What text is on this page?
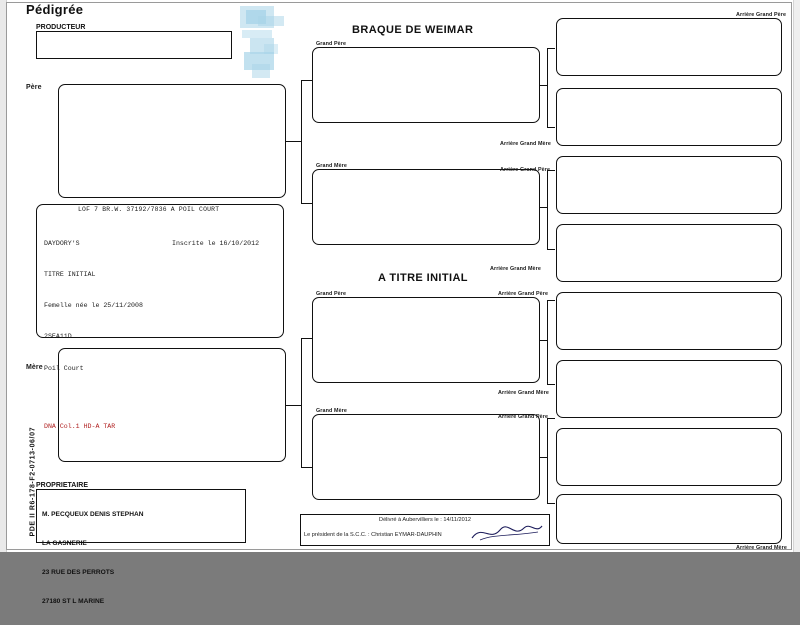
Pédigrée
PRODUCTEUR	BRAQUE DE WEIMAR
A TITRE INITIAL
Père
Mère
LOF 7 BR.W. 37192/7836 A POIL COURT

DAYDORY'S

TITRE INITIAL

Femelle née le 25/11/2008

2SEA11D

Poil Court

DNA Col.1 HD-A TAR

Inscrite le 16/10/2012

Grand Père
Grand Mère
Grand Père
Grand Mère
Arrière Grand Père
Arrière Grand Mère
Arrière Grand Père
Arrière Grand Mère
Arrière Grand Père
Arrière Grand Mère
Arrière Grand Père
Arrière Grand Mère
PROPRIETAIRE

M. PECQUEUX DENIS STEPHAN

LA GASNERIE

23 RUE DES PERROTS

27180 ST L MARINE

Délivré à Aubervilliers le : 14/11/2012
Le président de la S.C.C. : Christian EYMAR-DAUPHIN
PDE II R6-178-F2-0713-06/07
